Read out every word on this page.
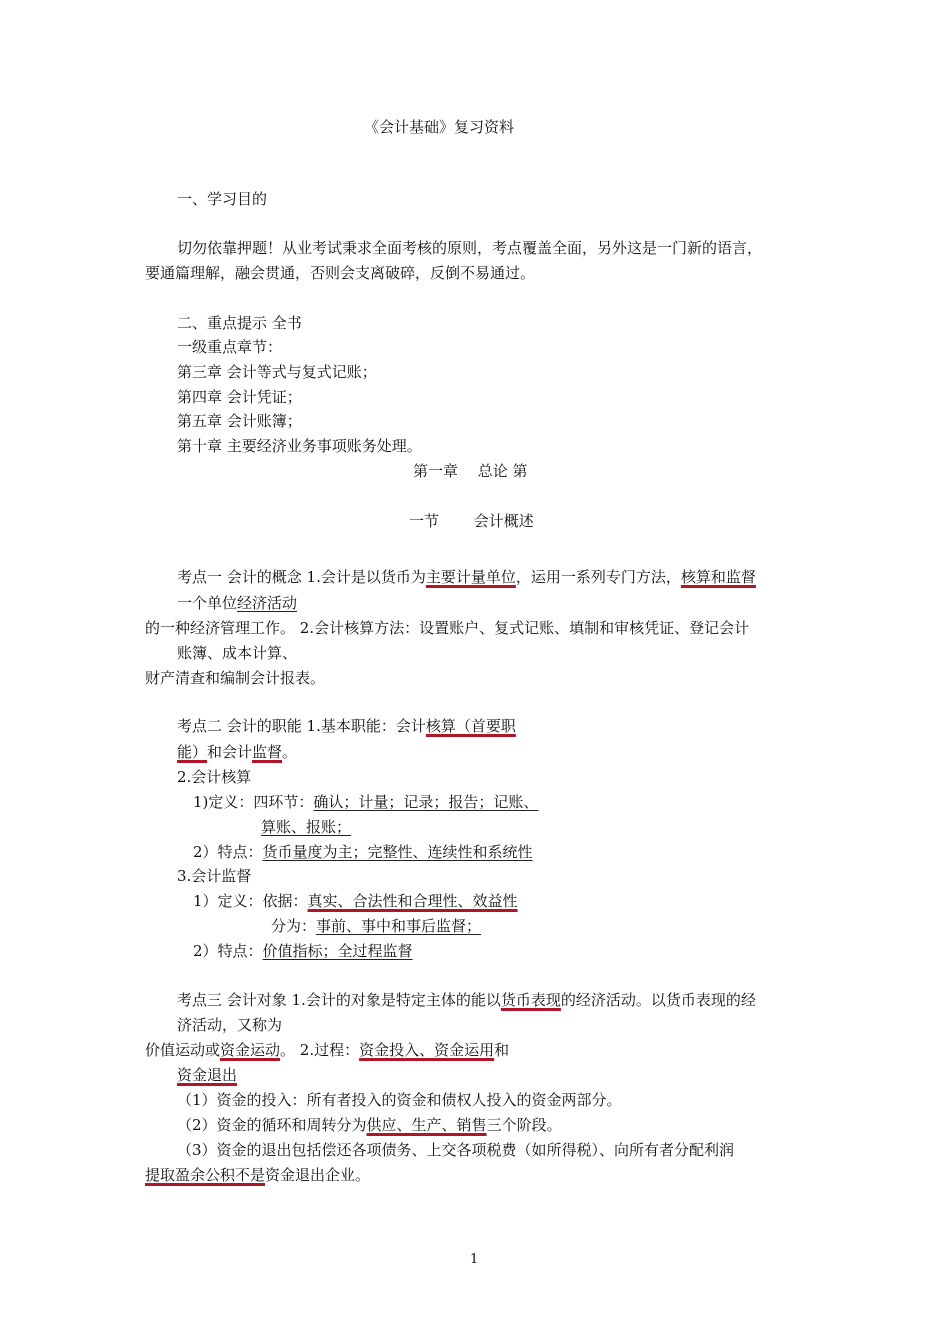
《会计基础》复习资料
一、学习目的
切勿依靠押题！从业考试秉求全面考核的原则，考点覆盖全面，另外这是一门新的语言，
要通篇理解，融会贯通，否则会支离破碎，反倒不易通过。
二、重点提示 全书
一级重点章节：
第三章 会计等式与复式记账；
第四章 会计凭证；
第五章 会计账簿；
第十章 主要经济业务事项账务处理。
第一章　 总论 第
一节　　 会计概述
考点一 会计的概念 1.会计是以货币为主要计量单位，运用一系列专门方法，核算和监督
一个单位经济活动
的一种经济管理工作。 2.会计核算方法：设置账户、复式记账、填制和审核凭证、登记会计
账簿、成本计算、
财产清查和编制会计报表。
考点二 会计的职能 1.基本职能：会计核算（首要职
能）和会计监督。
2.会计核算
1)定义：四环节：确认；计量；记录；报告；记账、
算账、报账；
2）特点：货币量度为主；完整性、连续性和系统性
3.会计监督
1）定义：依据：真实、合法性和合理性、效益性
分为：事前、事中和事后监督；
2）特点：价值指标；全过程监督
考点三 会计对象 1.会计的对象是特定主体的能以货币表现的经济活动。以货币表现的经
济活动，又称为
价值运动或资金运动。 2.过程：资金投入、资金运用和
资金退出
（1）资金的投入：所有者投入的资金和债权人投入的资金两部分。
（2）资金的循环和周转分为供应、生产、销售三个阶段。
（3）资金的退出包括偿还各项债务、上交各项税费（如所得税）、向所有者分配利润
提取盈余公积不是资金退出企业。
1
